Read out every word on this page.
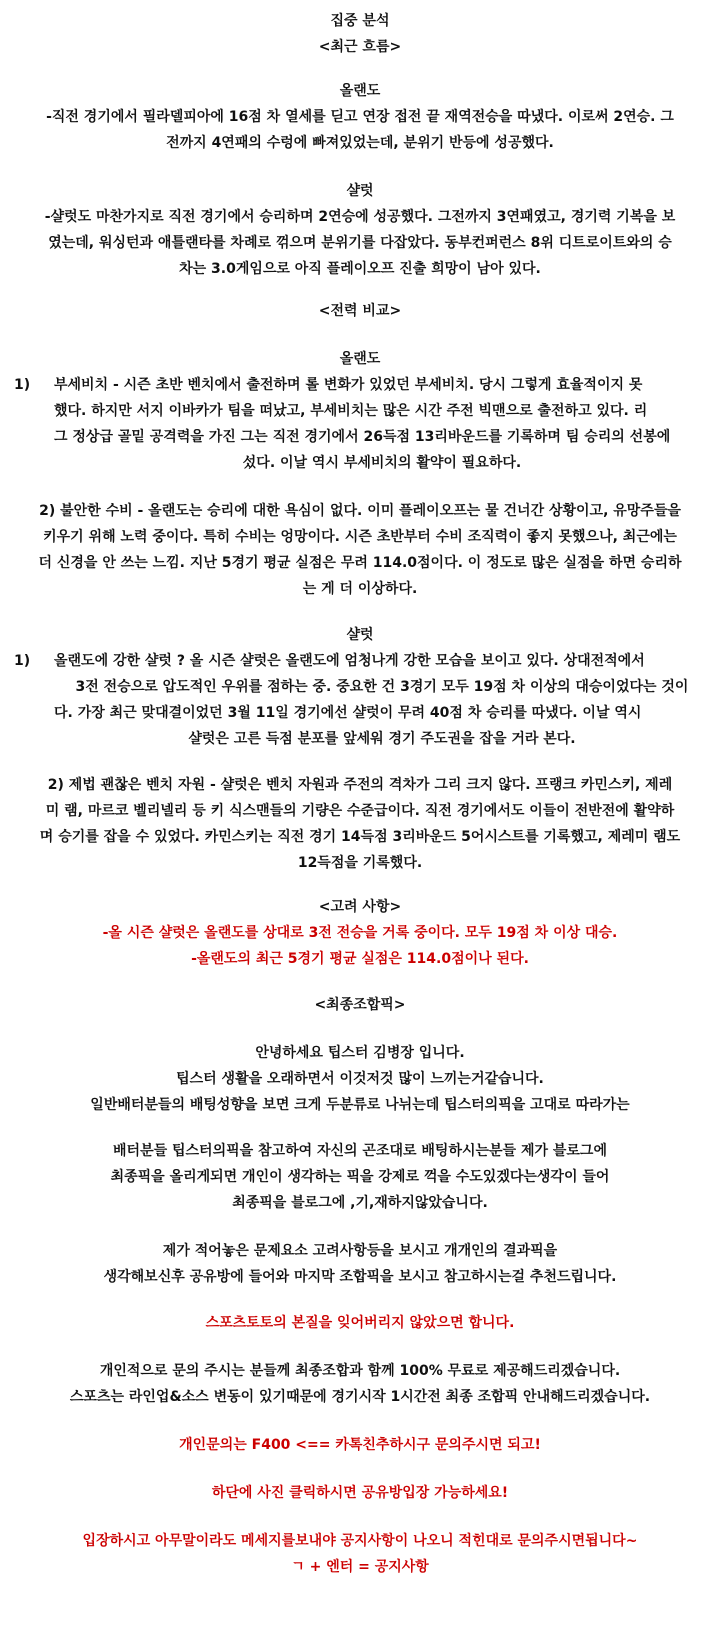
집중 분석
<최근 흐름>
올랜도
-직전 경기에서 필라델피아에 16점 차 열세를 딛고 연장 접전 끝 재역전승을 따냈다. 이로써 2연승. 그
전까지 4연패의 수렁에 빠져있었는데, 분위기 반등에 성공했다.
샬럿
-샬럿도 마찬가지로 직전 경기에서 승리하며 2연승에 성공했다. 그전까지 3연패였고, 경기력 기복을 보
였는데, 워싱턴과 애틀랜타를 차례로 꺾으며 분위기를 다잡았다. 동부컨퍼런스 8위 디트로이트와의 승
차는 3.0게임으로 아직 플레이오프 진출 희망이 남아 있다.
<전력 비교>
올랜도
1) 부세비치 - 시즌 초반 벤치에서 출전하며 롤 변화가 있었던 부세비치. 당시 그렇게 효율적이지 못
했다. 하지만 서지 이바카가 팀을 떠났고, 부세비치는 많은 시간 주전 빅맨으로 출전하고 있다. 리
그 정상급 골밑 공격력을 가진 그는 직전 경기에서 26득점 13리바운드를 기록하며 팀 승리의 선봉에
섰다. 이날 역시 부세비치의 활약이 필요하다.
2) 불안한 수비 - 올랜도는 승리에 대한 욕심이 없다. 이미 플레이오프는 물 건너간 상황이고, 유망주들을
키우기 위해 노력 중이다. 특히 수비는 엉망이다. 시즌 초반부터 수비 조직력이 좋지 못했으나, 최근에는
더 신경을 안 쓰는 느낌. 지난 5경기 평균 실점은 무려 114.0점이다. 이 정도로 많은 실점을 하면 승리하
는 게 더 이상하다.
샬럿
1) 올랜도에 강한 샬럿 ? 올 시즌 샬럿은 올랜도에 엄청나게 강한 모습을 보이고 있다. 상대전적에서
3전 전승으로 압도적인 우위를 점하는 중. 중요한 건 3경기 모두 19점 차 이상의 대승이었다는 것이
다. 가장 최근 맞대결이었던 3월 11일 경기에선 샬럿이 무려 40점 차 승리를 따냈다. 이날 역시
샬럿은 고른 득점 분포를 앞세워 경기 주도권을 잡을 거라 본다.
2) 제법 괜찮은 벤치 자원 - 샬럿은 벤치 자원과 주전의 격차가 그리 크지 않다. 프랭크 카민스키, 제레
미 램, 마르코 벨리넬리 등 키 식스맨들의 기량은 수준급이다. 직전 경기에서도 이들이 전반전에 활약하
며 승기를 잡을 수 있었다. 카민스키는 직전 경기 14득점 3리바운드 5어시스트를 기록했고, 제레미 램도
12득점을 기록했다.
<고려 사항>
-올 시즌 샬럿은 올랜도를 상대로 3전 전승을 거록 중이다. 모두 19점 차 이상 대승.
-올랜도의 최근 5경기 평균 실점은 114.0점이나 된다.
<최종조합픽>
안녕하세요 팁스터 김병장 입니다.
팁스터 생활을 오래하면서 이것저것 많이 느끼는거같습니다.
일반배터분들의 배팅성향을 보면 크게 두분류로 나뉘는데 팁스터의픽을 고대로 따라가는
배터분들 팁스터의픽을 참고하여 자신의 곤조대로 배팅하시는분들 제가 블로그에
최종픽을 올리게되면 개인이 생각하는 픽을 강제로 꺽을 수도있겠다는생각이 들어
최종픽을 블로그에 ,기,재하지않았습니다.
제가 적어놓은 문제요소 고려사항등을 보시고 개개인의 결과픽을
생각해보신후 공유방에 들어와 마지막 조합픽을 보시고 참고하시는걸 추천드립니다.
스포츠토토의 본질을 잊어버리지 않았으면 합니다.
개인적으로 문의 주시는 분들께 최종조합과 함께 100% 무료로 제공해드리겠습니다.
스포츠는 라인업&소스 변동이 있기때문에 경기시작 1시간전 최종 조합픽 안내해드리겠습니다.
개인문의는 F400 <== 카톡친추하시구 문의주시면 되고!
하단에 사진 클릭하시면 공유방입장 가능하세요!
입장하시고 아무말이라도 메세지를보내야 공지사항이 나오니 적힌대로 문의주시면됩니다~
ㄱ + 엔터 = 공지사항
